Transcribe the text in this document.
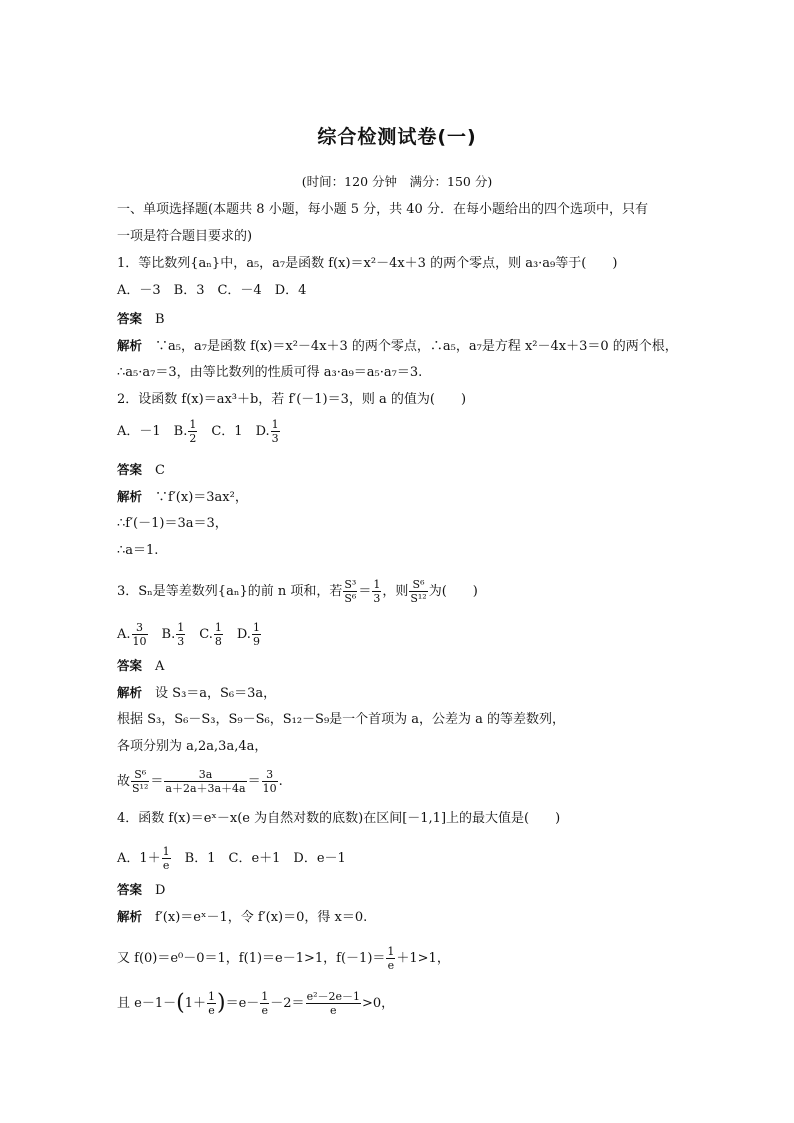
综合检测试卷(一)
(时间：120 分钟　满分：150 分)
一、单项选择题(本题共 8 小题，每小题 5 分，共 40 分．在每小题给出的四个选项中，只有
一项是符合题目要求的)
1．等比数列{aₙ}中，a₅，a₇是函数 f(x)＝x²－4x＋3 的两个零点，则 a₃·a₉等于(　　)
A．－3　B．3　C．－4　D．4
答案　 B
解析　 ∵a₅，a₇是函数 f(x)＝x²－4x＋3 的两个零点，∴a₅，a₇是方程 x²－4x＋3＝0 的两个根，
∴a₅·a₇＝3，由等比数列的性质可得 a₃·a₉＝a₅·a₇＝3.
2．设函数 f(x)＝ax³＋b，若 f′(－1)＝3，则 a 的值为(　　)
A．－1　B. $\frac{1}{2}$ 　C．1　D. $\frac{1}{3}$
答案　 C
解析　 ∵f′(x)＝3ax²，
∴f′(－1)＝3a＝3，
∴a＝1.
3．Sₙ是等差数列{aₙ}的前 n 项和，若 $\frac{\text{S³}}{\text{S⁶}} = \frac{1}{3}$ ，则 $\frac{\text{S⁶}}{\text{S¹²}}$ 为(　　)
A. $\frac{3}{10}$ 　B. $\frac{1}{3}$ 　C. $\frac{1}{8}$ 　D. $\frac{1}{9}$
答案　 A
解析　 设 S₃＝a，S₆＝3a，
根据 S₃，S₆－S₃，S₉－S₆，S₁₂－S₉是一个首项为 a，公差为 a 的等差数列，
各项分别为 a,2a,3a,4a，
故 $\frac{\text{S⁶}}{\text{S¹²}} = \frac{3a}{a+2a+3a+4a} = \frac{3}{10}$ .
4．函数 f(x)＝eˣ－x(e 为自然对数的底数)在区间[－1,1]上的最大值是(　　)
A．$1+ \frac{1}{e}$ 　B．1　C．e＋1　D．e－1
答案　 D
解析　 f′(x)＝eˣ－1，令 f′(x)＝0，得 x＝0.
又 f(0)＝e⁰－0＝1，f(1)＝e－1>1，$f(-1)= \frac{1}{e} +1>1$，
且 $e-1-(1+ \frac{1}{e} )=e- \frac{1}{e} -2= \frac{\text{e²－2e－1}}{e} >0$，
